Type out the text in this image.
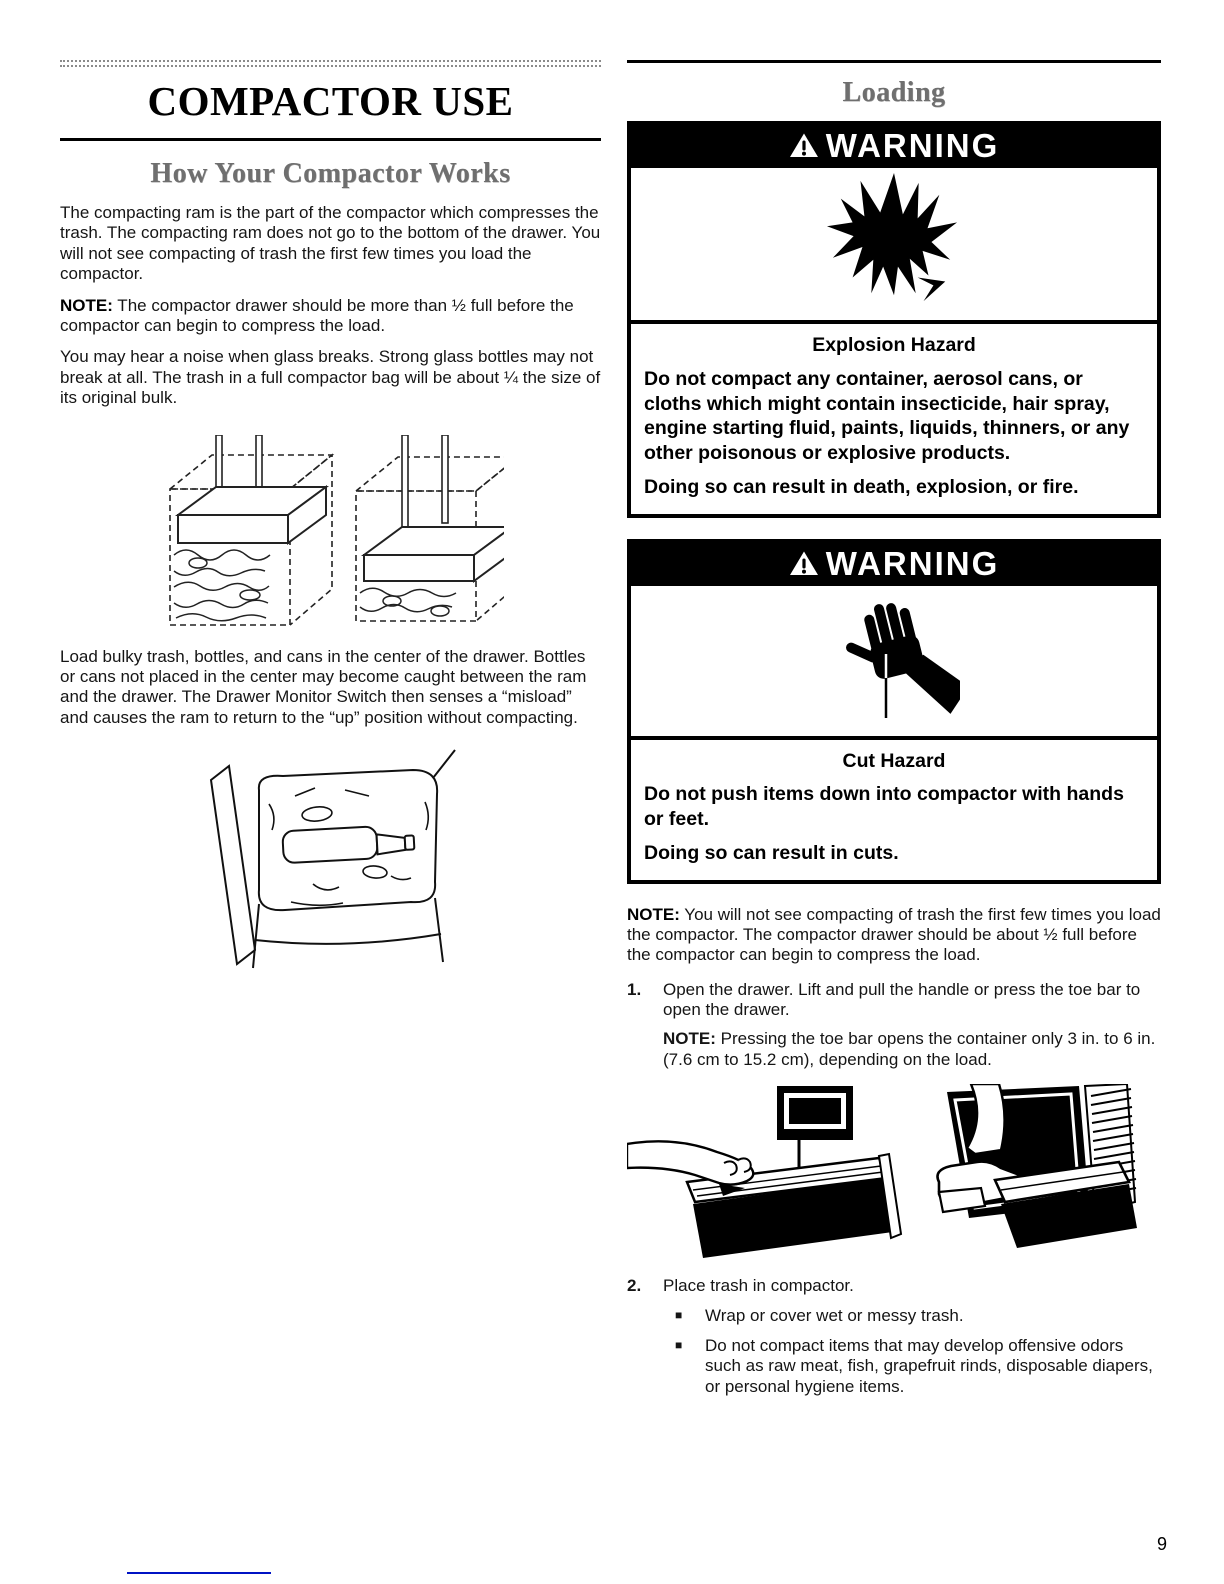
COMPACTOR USE
How Your Compactor Works

The compacting ram is the part of the compactor which compresses the trash. The compacting ram does not go to the bottom of the drawer. You will not see compacting of trash the first few times you load the compactor.

NOTE: The compactor drawer should be more than ½ full before the compactor can begin to compress the load.

You may hear a noise when glass breaks. Strong glass bottles may not break at all. The trash in a full compactor bag will be about ¼ the size of its original bulk.

Load bulky trash, bottles, and cans in the center of the drawer. Bottles or cans not placed in the center may become caught between the ram and the drawer. The Drawer Monitor Switch then senses a “misload” and causes the ram to return to the “up” position without compacting.

Loading
WARNING

Explosion Hazard

Do not compact any container, aerosol cans, or cloths which might contain insecticide, hair spray, engine starting fluid, paints, liquids, thinners, or any other poisonous or explosive products.

Doing so can result in death, explosion, or fire.

WARNING

Cut Hazard

Do not push items down into compactor with hands or feet.

Doing so can result in cuts.

NOTE: You will not see compacting of trash the first few times you load the compactor. The compactor drawer should be about ½ full before the compactor can begin to compress the load.

1.	Open the drawer. Lift and pull the handle or press the toe bar to open the drawer.
NOTE: Pressing the toe bar opens the container only 3 in. to 6 in. (7.6 cm to 15.2 cm), depending on the load.
2.	Place trash in compactor.
■	Wrap or cover wet or messy trash.
■	Do not compact items that may develop offensive odors such as raw meat, fish, grapefruit rinds, disposable diapers, or personal hygiene items.
9
